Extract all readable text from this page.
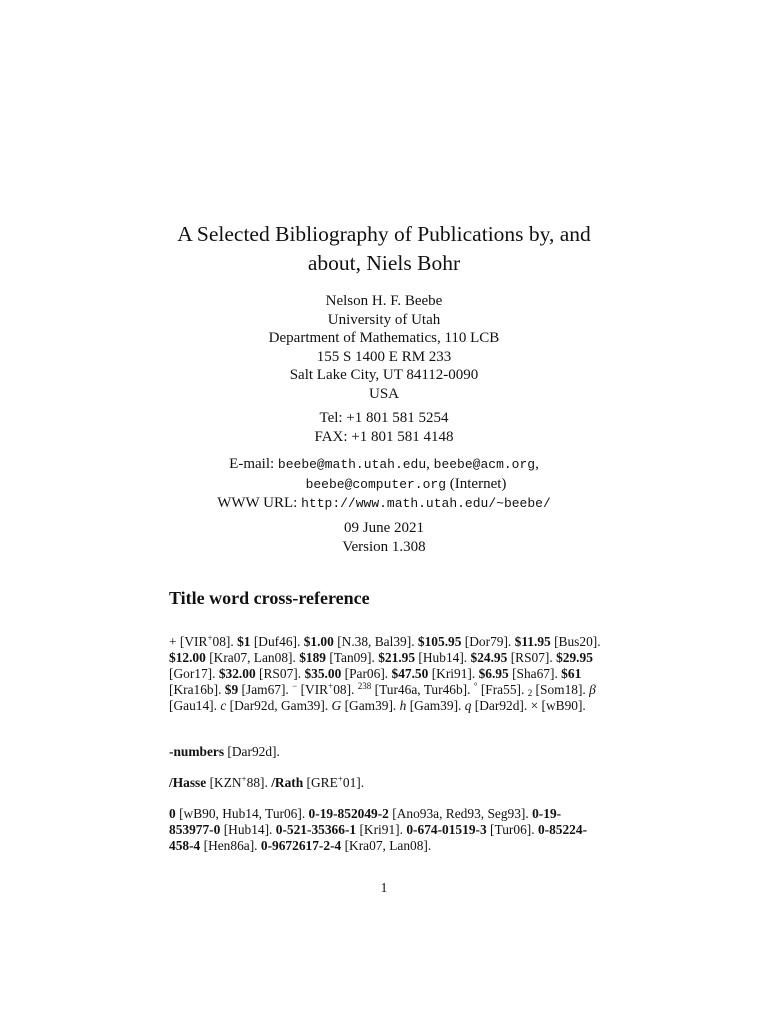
A Selected Bibliography of Publications by, and about, Niels Bohr
Nelson H. F. Beebe
University of Utah
Department of Mathematics, 110 LCB
155 S 1400 E RM 233
Salt Lake City, UT 84112-0090
USA
Tel: +1 801 581 5254
FAX: +1 801 581 4148
E-mail: beebe@math.utah.edu, beebe@acm.org,
beebe@computer.org (Internet)
WWW URL: http://www.math.utah.edu/~beebe/
09 June 2021
Version 1.308
Title word cross-reference
+ [VIR+08]. $1 [Duf46]. $1.00 [N.38, Bal39]. $105.95 [Dor79]. $11.95 [Bus20]. $12.00 [Kra07, Lan08]. $189 [Tan09]. $21.95 [Hub14]. $24.95 [RS07]. $29.95 [Gor17]. $32.00 [RS07]. $35.00 [Par06]. $47.50 [Kri91]. $6.95 [Sha67]. $61 [Kra16b]. $9 [Jam67]. − [VIR+08]. $^{238}$ [Tur46a, Tur46b]. ° [Fra55]. $_2$ [Som18]. β [Gau14]. c [Dar92d, Gam39]. G [Gam39]. h [Gam39]. q [Dar92d]. × [wB90].
-numbers [Dar92d].
/Hasse [KZN+88]. /Rath [GRE+01].
0 [wB90, Hub14, Tur06]. 0-19-852049-2 [Ano93a, Red93, Seg93]. 0-19-853977-0 [Hub14]. 0-521-35366-1 [Kri91]. 0-674-01519-3 [Tur06]. 0-85224-458-4 [Hen86a]. 0-9672617-2-4 [Kra07, Lan08].
1
